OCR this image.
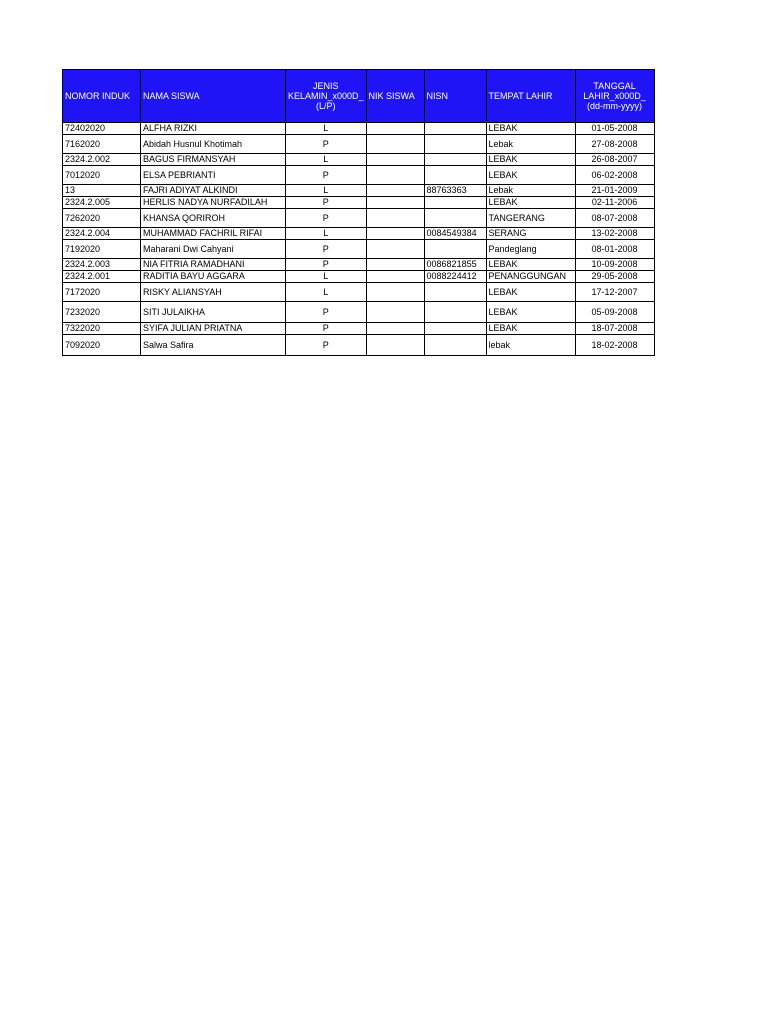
NOMOR INDUK	NAMA SISWA	JENIS KELAMIN_x000D_ (L/P)	NIK SISWA	NISN	TEMPAT LAHIR	TANGGAL LAHIR_x000D_ (dd-mm-yyyy)
72402020	ALFHA RIZKI	L			LEBAK	01-05-2008
7162020	Abidah Husnul Khotimah	P			Lebak	27-08-2008
2324.2.002	BAGUS FIRMANSYAH	L			LEBAK	26-08-2007
7012020	ELSA PEBRIANTI	P			LEBAK	06-02-2008
13	FAJRI ADIYAT ALKINDI	L		88763363	Lebak	21-01-2009
2324.2.005	HERLIS NADYA NURFADILAH	P			LEBAK	02-11-2006
7262020	KHANSA QORIROH	P			TANGERANG	08-07-2008
2324.2.004	MUHAMMAD FACHRIL RIFAI	L		0084549384	SERANG	13-02-2008
7192020	Maharani Dwi Cahyani	P			Pandeglang	08-01-2008
2324.2.003	NIA FITRIA RAMADHANI	P		0086821855	LEBAK	10-09-2008
2324.2.001	RADITIA BAYU AGGARA	L		0088224412	PENANGGUNGAN	29-05-2008
7172020	RISKY ALIANSYAH	L			LEBAK	17-12-2007
7232020	SITI JULAIKHA	P			LEBAK	05-09-2008
7322020	SYIFA JULIAN PRIATNA	P			LEBAK	18-07-2008
7092020	Salwa Safira	P			lebak	18-02-2008
